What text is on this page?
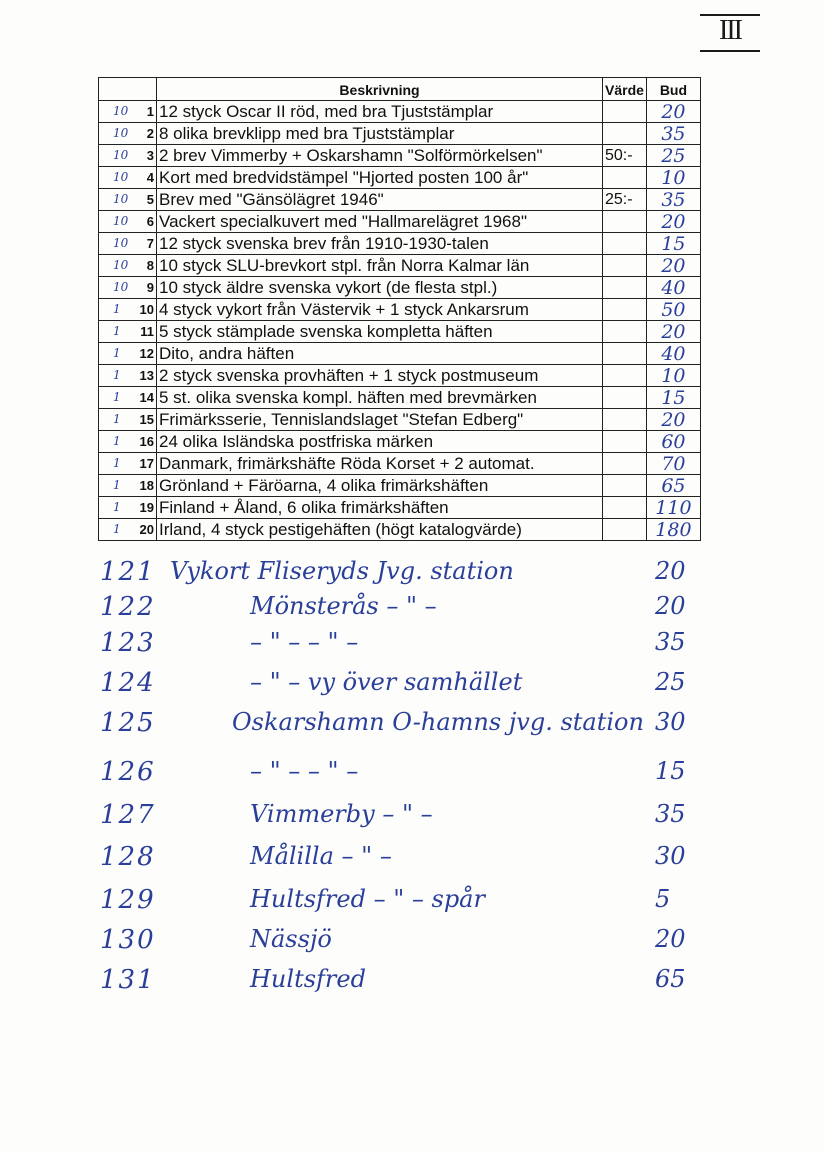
III
	Beskrivning	Värde	Bud

10 1	12 styck Oscar II röd, med bra Tjuststämplar		20

10 2	8 olika brevklipp med bra Tjuststämplar		35

10 3	2 brev Vimmerby + Oskarshamn "Solförmörkelsen"	50:-	25

10 4	Kort med bredvidstämpel "Hjorted posten 100 år"		10

10 5	Brev med "Gänsölägret 1946"	25:-	35

10 6	Vackert specialkuvert med "Hallmarelägret 1968"		20

10 7	12 styck svenska brev från 1910-1930-talen		15

10 8	10 styck SLU-brevkort stpl. från Norra Kalmar län		20

10 9	10 styck äldre svenska vykort (de flesta stpl.)		40

1 10	4 styck vykort från Västervik + 1 styck Ankarsrum		50

1 11	5 styck stämplade svenska kompletta häften		20

1 12	Dito, andra häften		40

1 13	2 styck svenska provhäften + 1 styck postmuseum		10

1 14	5 st. olika svenska kompl. häften med brevmärken		15

1 15	Frimärksserie, Tennislandslaget "Stefan Edberg"		20

1 16	24 olika Isländska postfriska märken		60

1 17	Danmark, frimärkshäfte Röda Korset + 2 automat.		70

1 18	Grönland + Färöarna, 4 olika frimärkshäften		65

1 19	Finland + Åland, 6 olika frimärkshäften		110

1 20	Irland, 4 styck pestigehäften (högt katalogvärde)		180
121 Vykort Fliseryds Jvg. station	20
122	Mönsterås – " –	20
123	– " – – " –	35
124	– " – vy över samhället	25
125	Oskarshamn O-hamns jvg. station 30
126	– " – – " –	15
127	Vimmerby – " –	35
128	Målilla – " –	30
129	Hultsfred – " – spår	5
130	Nässjö	20
131	Hultsfred	65
